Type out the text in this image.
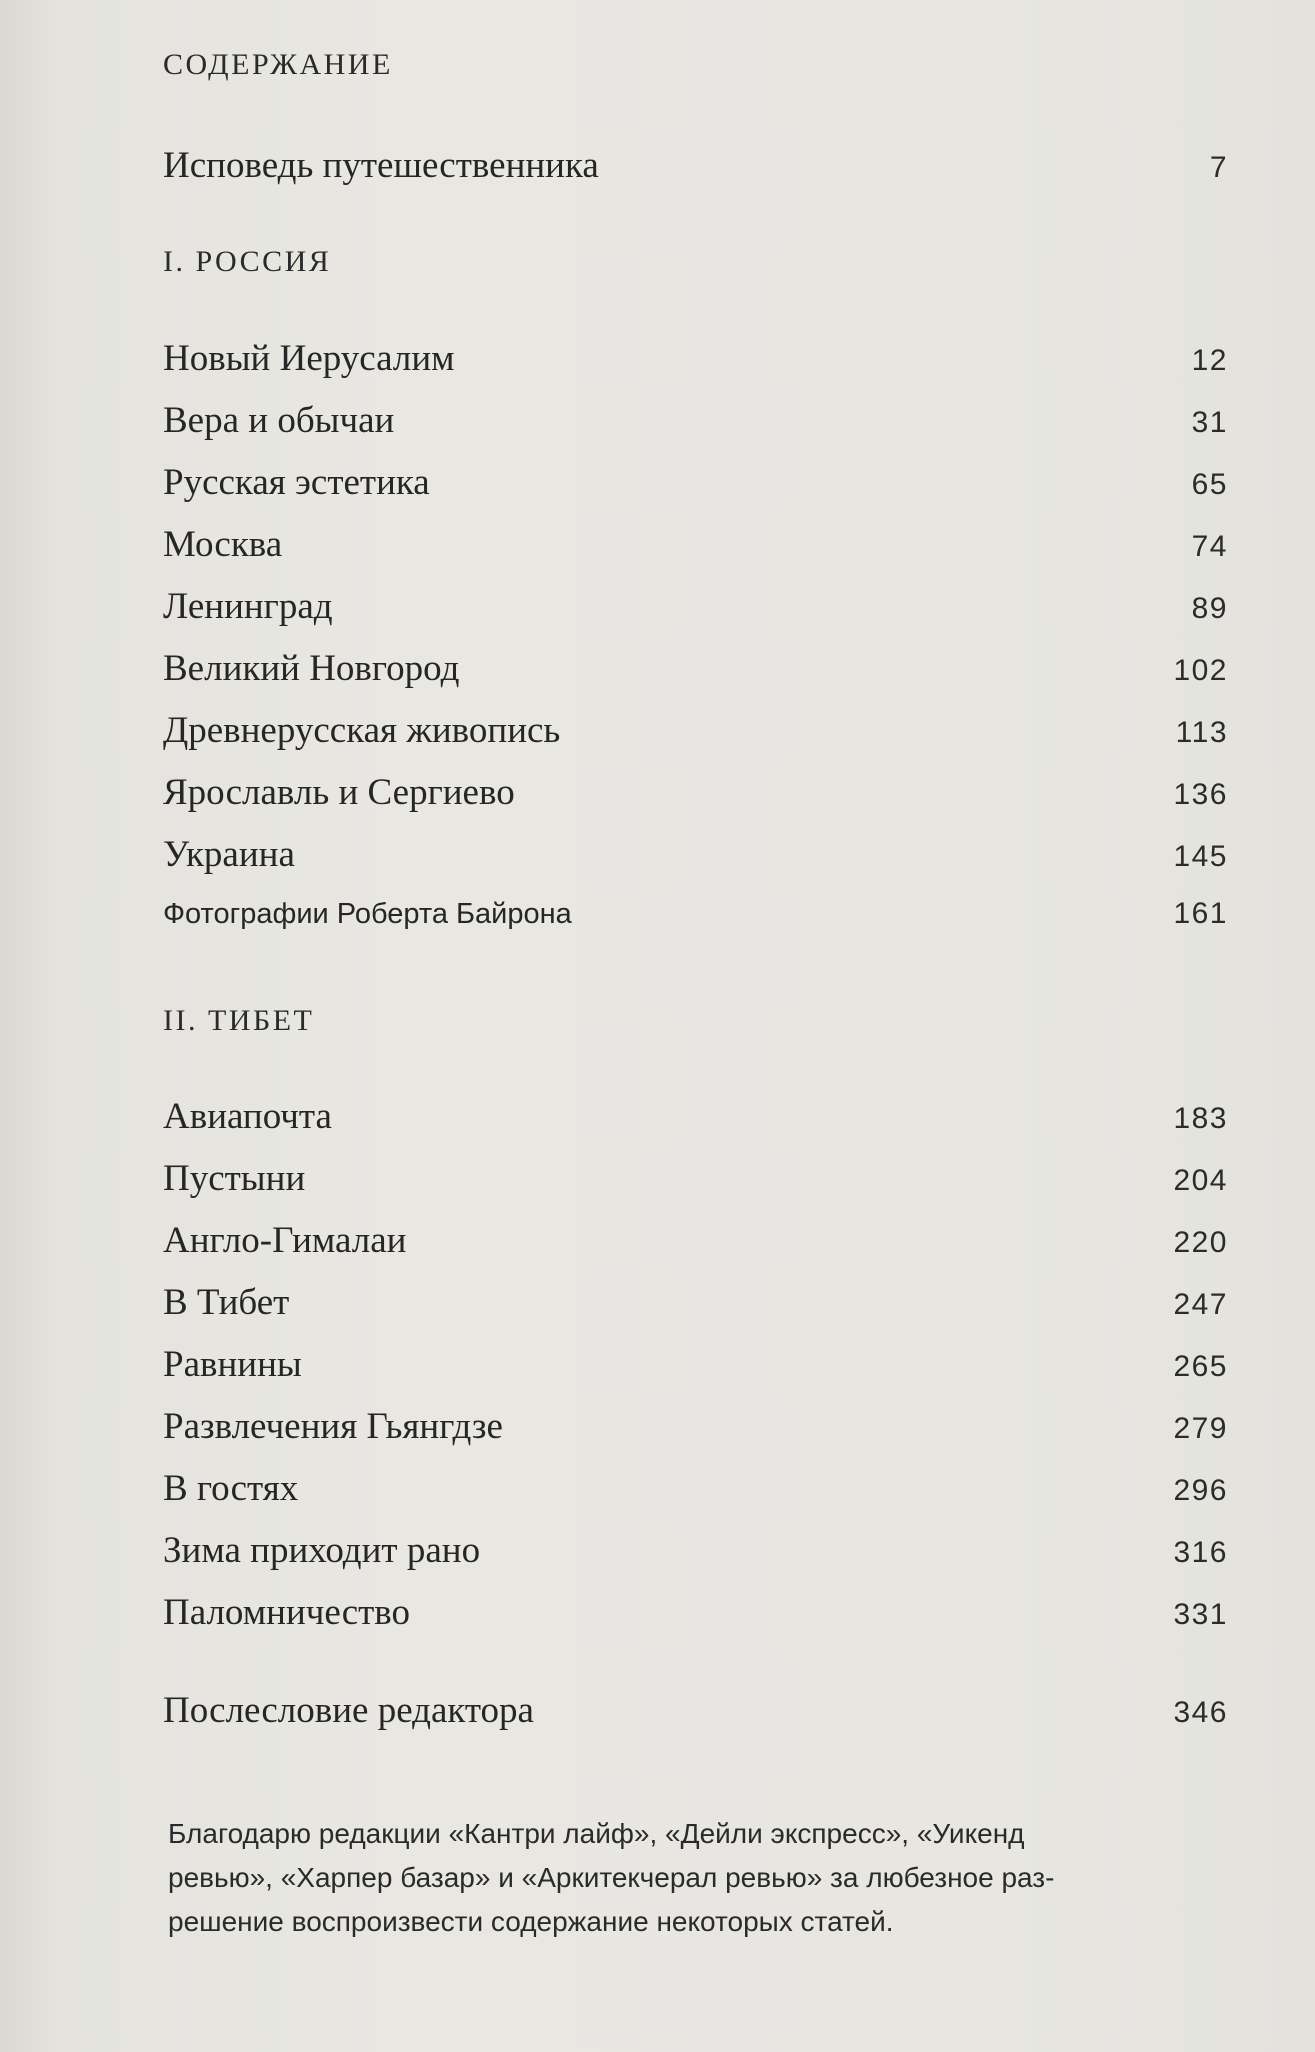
СОДЕРЖАНИЕ
Исповедь путешественника	7
I. РОССИЯ
Новый Иерусалим	12
Вера и обычаи	31
Русская эстетика	65
Москва	74
Ленинград	89
Великий Новгород	102
Древнерусская живопись	113
Ярославль и Сергиево	136
Украина	145
Фотографии Роберта Байрона	161
II. ТИБЕТ
Авиапочта	183
Пустыни	204
Англо-Гималаи	220
В Тибет	247
Равнины	265
Развлечения Гьянгдзе	279
В гостях	296
Зима приходит рано	316
Паломничество	331
Послесловие редактора	346
Благодарю редакции «Кантри лайф», «Дейли экспресс», «Уикенд
ревью», «Харпер базар» и «Аркитекчерал ревью» за любезное раз-
решение воспроизвести содержание некоторых статей.
